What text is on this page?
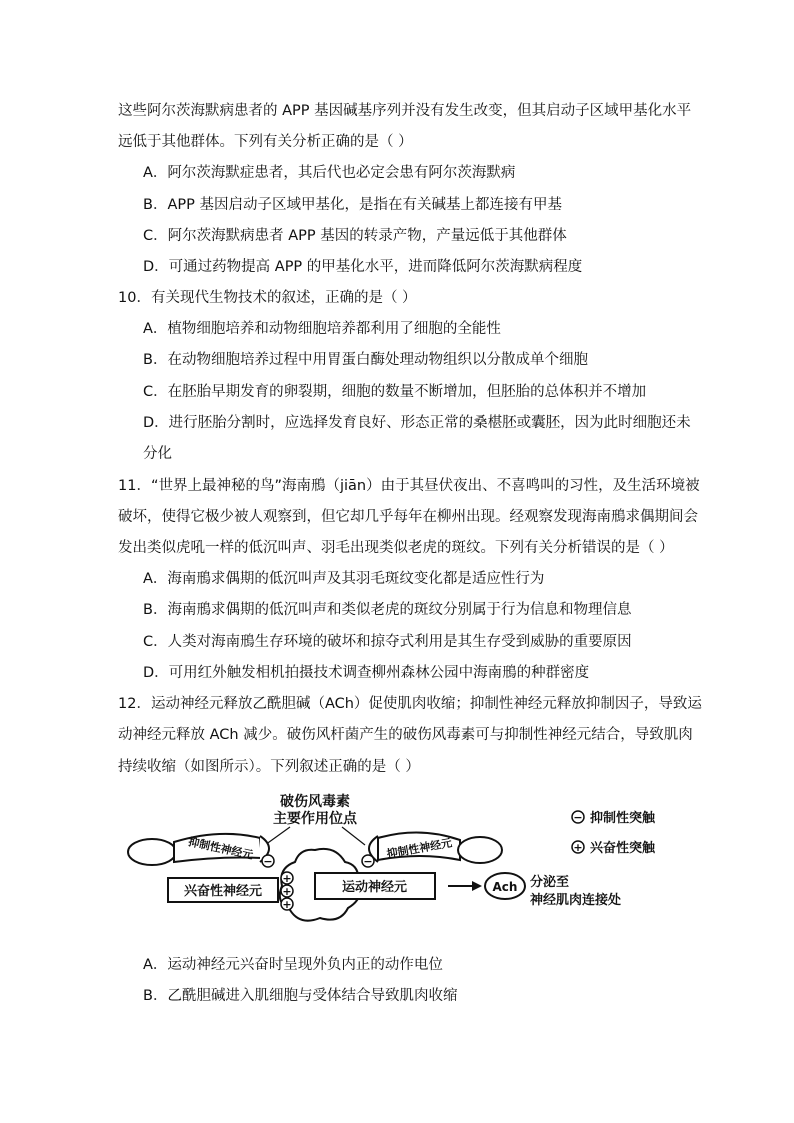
这些阿尔茨海默病患者的 APP 基因碱基序列并没有发生改变，但其启动子区域甲基化水平
远低于其他群体。下列有关分析正确的是（ ）
A．阿尔茨海默症患者，其后代也必定会患有阿尔茨海默病
B．APP 基因启动子区域甲基化，是指在有关碱基上都连接有甲基
C．阿尔茨海默病患者 APP 基因的转录产物，产量远低于其他群体
D．可通过药物提高 APP 的甲基化水平，进而降低阿尔茨海默病程度
10．有关现代生物技术的叙述，正确的是（ ）
A．植物细胞培养和动物细胞培养都利用了细胞的全能性
B．在动物细胞培养过程中用胃蛋白酶处理动物组织以分散成单个细胞
C．在胚胎早期发育的卵裂期，细胞的数量不断增加，但胚胎的总体积并不增加
D．进行胚胎分割时，应选择发育良好、形态正常的桑椹胚或囊胚，因为此时细胞还未
分化
11．“世界上最神秘的鸟”海南鳽（jiān）由于其昼伏夜出、不喜鸣叫的习性，及生活环境被
破坏，使得它极少被人观察到，但它却几乎每年在柳州出现。经观察发现海南鳽求偶期间会
发出类似虎吼一样的低沉叫声、羽毛出现类似老虎的斑纹。下列有关分析错误的是（ ）
A．海南鳽求偶期的低沉叫声及其羽毛斑纹变化都是适应性行为
B．海南鳽求偶期的低沉叫声和类似老虎的斑纹分别属于行为信息和物理信息
C．人类对海南鳽生存环境的破坏和掠夺式利用是其生存受到威胁的重要原因
D．可用红外触发相机拍摄技术调查柳州森林公园中海南鳽的种群密度
12．运动神经元释放乙酰胆碱（ACh）促使肌肉收缩；抑制性神经元释放抑制因子，导致运
动神经元释放 ACh 减少。破伤风杆菌产生的破伤风毒素可与抑制性神经元结合，导致肌肉
持续收缩（如图所示）。下列叙述正确的是（ ）
破伤风毒素
主要作用位点
抑制性神经元 −
抑制性神经元
−
运动神经元
兴奋性神经元
+
+
+
Ach 分泌至
神经肌肉连接处
− 抑制性突触
+ 兴奋性突触
A．运动神经元兴奋时呈现外负内正的动作电位
B．乙酰胆碱进入肌细胞与受体结合导致肌肉收缩
